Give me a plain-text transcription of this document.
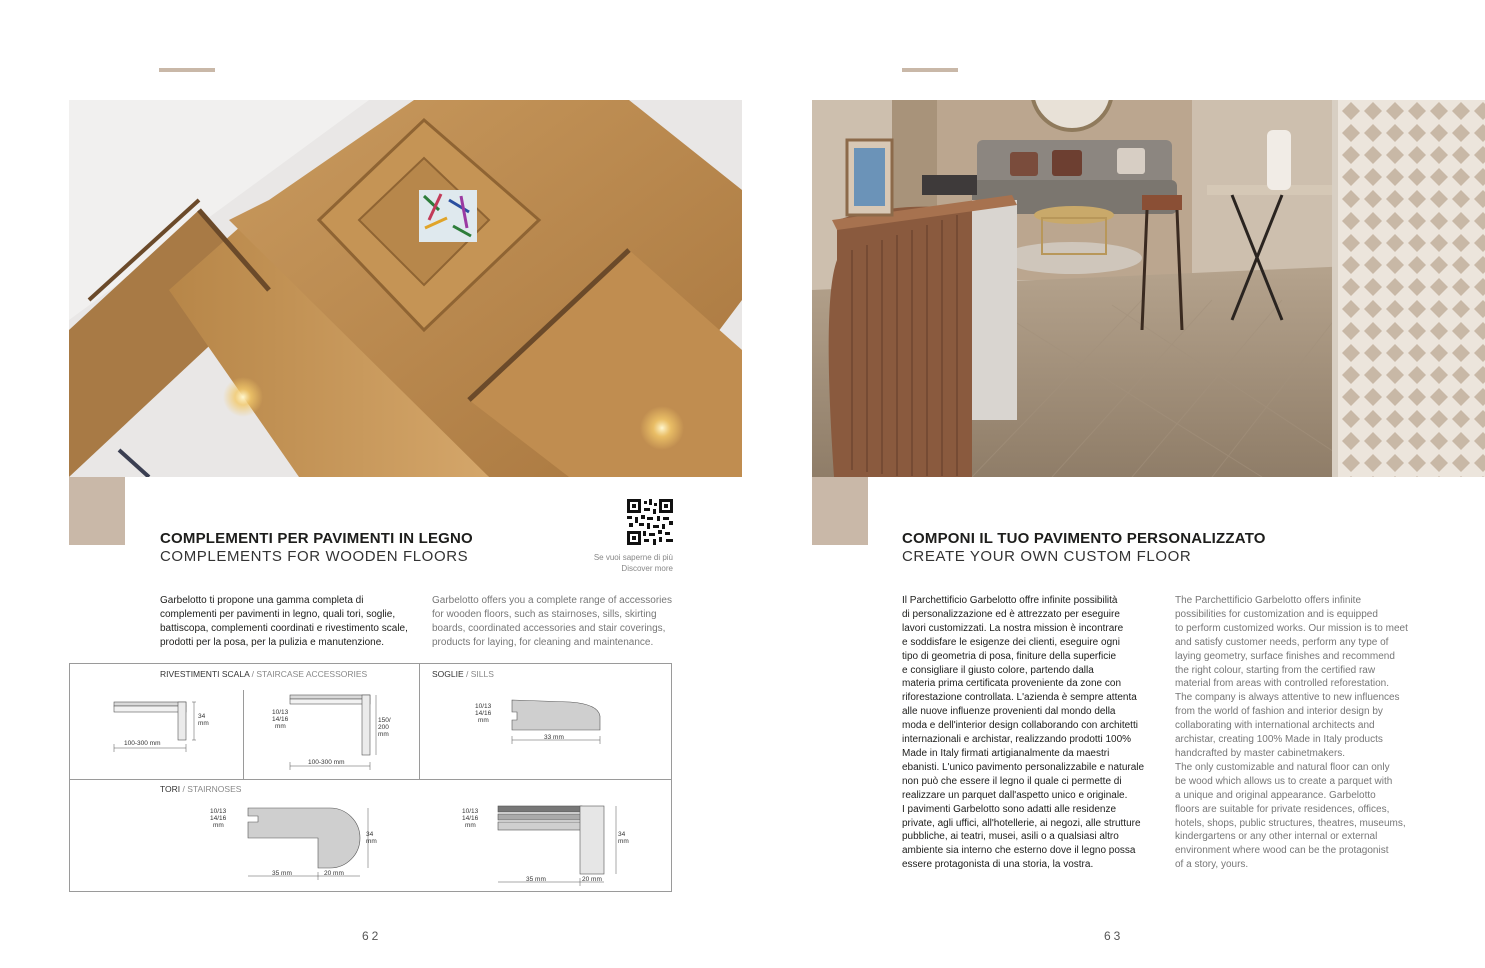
COMPLEMENTI PER PAVIMENTI IN LEGNO
COMPLEMENTS FOR WOODEN FLOORS	Se vuoi saperne di più
Discover more
Garbelotto ti propone una gamma completa di
complementi per pavimenti in legno, quali tori, soglie,
battiscopa, complementi coordinati e rivestimento scale,
prodotti per la posa, per la pulizia e manutenzione.
Garbelotto offers you a complete range of accessories
for wooden floors, such as stairnoses, sills, skirting
boards, coordinated accessories and stair coverings,
products for laying, for cleaning and maintenance.
RIVESTIMENTI SCALA / STAIRCASE ACCESSORIES	SOGLIE / SILLS
TORI / STAIRNOSES
34
mm
100-300 mm
10/13
14/16
mm
150/
200
mm
100-300 mm
10/13
14/16
mm
33 mm
10/13
14/16
mm
34
mm
35 mm	20 mm
10/13
14/16
mm
34
mm
35 mm	20 mm
62
COMPONI IL TUO PAVIMENTO PERSONALIZZATO
CREATE YOUR OWN CUSTOM FLOOR
Il Parchettificio Garbelotto offre infinite possibilità
di personalizzazione ed è attrezzato per eseguire
lavori customizzati. La nostra mission è incontrare
e soddisfare le esigenze dei clienti, eseguire ogni
tipo di geometria di posa, finiture della superficie
e consigliare il giusto colore, partendo dalla
materia prima certificata proveniente da zone con
riforestazione controllata. L'azienda è sempre attenta
alle nuove influenze provenienti dal mondo della
moda e dell'interior design collaborando con architetti
internazionali e archistar, realizzando prodotti 100%
Made in Italy firmati artigianalmente da maestri
ebanisti. L'unico pavimento personalizzabile e naturale
non può che essere il legno il quale ci permette di
realizzare un parquet dall'aspetto unico e originale.
I pavimenti Garbelotto sono adatti alle residenze
private, agli uffici, all'hotellerie, ai negozi, alle strutture
pubbliche, ai teatri, musei, asili o a qualsiasi altro
ambiente sia interno che esterno dove il legno possa
essere protagonista di una storia, la vostra.
The Parchettificio Garbelotto offers infinite
possibilities for customization and is equipped
to perform customized works. Our mission is to meet
and satisfy customer needs, perform any type of
laying geometry, surface finishes and recommend
the right colour, starting from the certified raw
material from areas with controlled reforestation.
The company is always attentive to new influences
from the world of fashion and interior design by
collaborating with international architects and
archistar, creating 100% Made in Italy products
handcrafted by master cabinetmakers.
The only customizable and natural floor can only
be wood which allows us to create a parquet with
a unique and original appearance. Garbelotto
floors are suitable for private residences, offices,
hotels, shops, public structures, theatres, museums,
kindergartens or any other internal or external
environment where wood can be the protagonist
of a story, yours.
63
